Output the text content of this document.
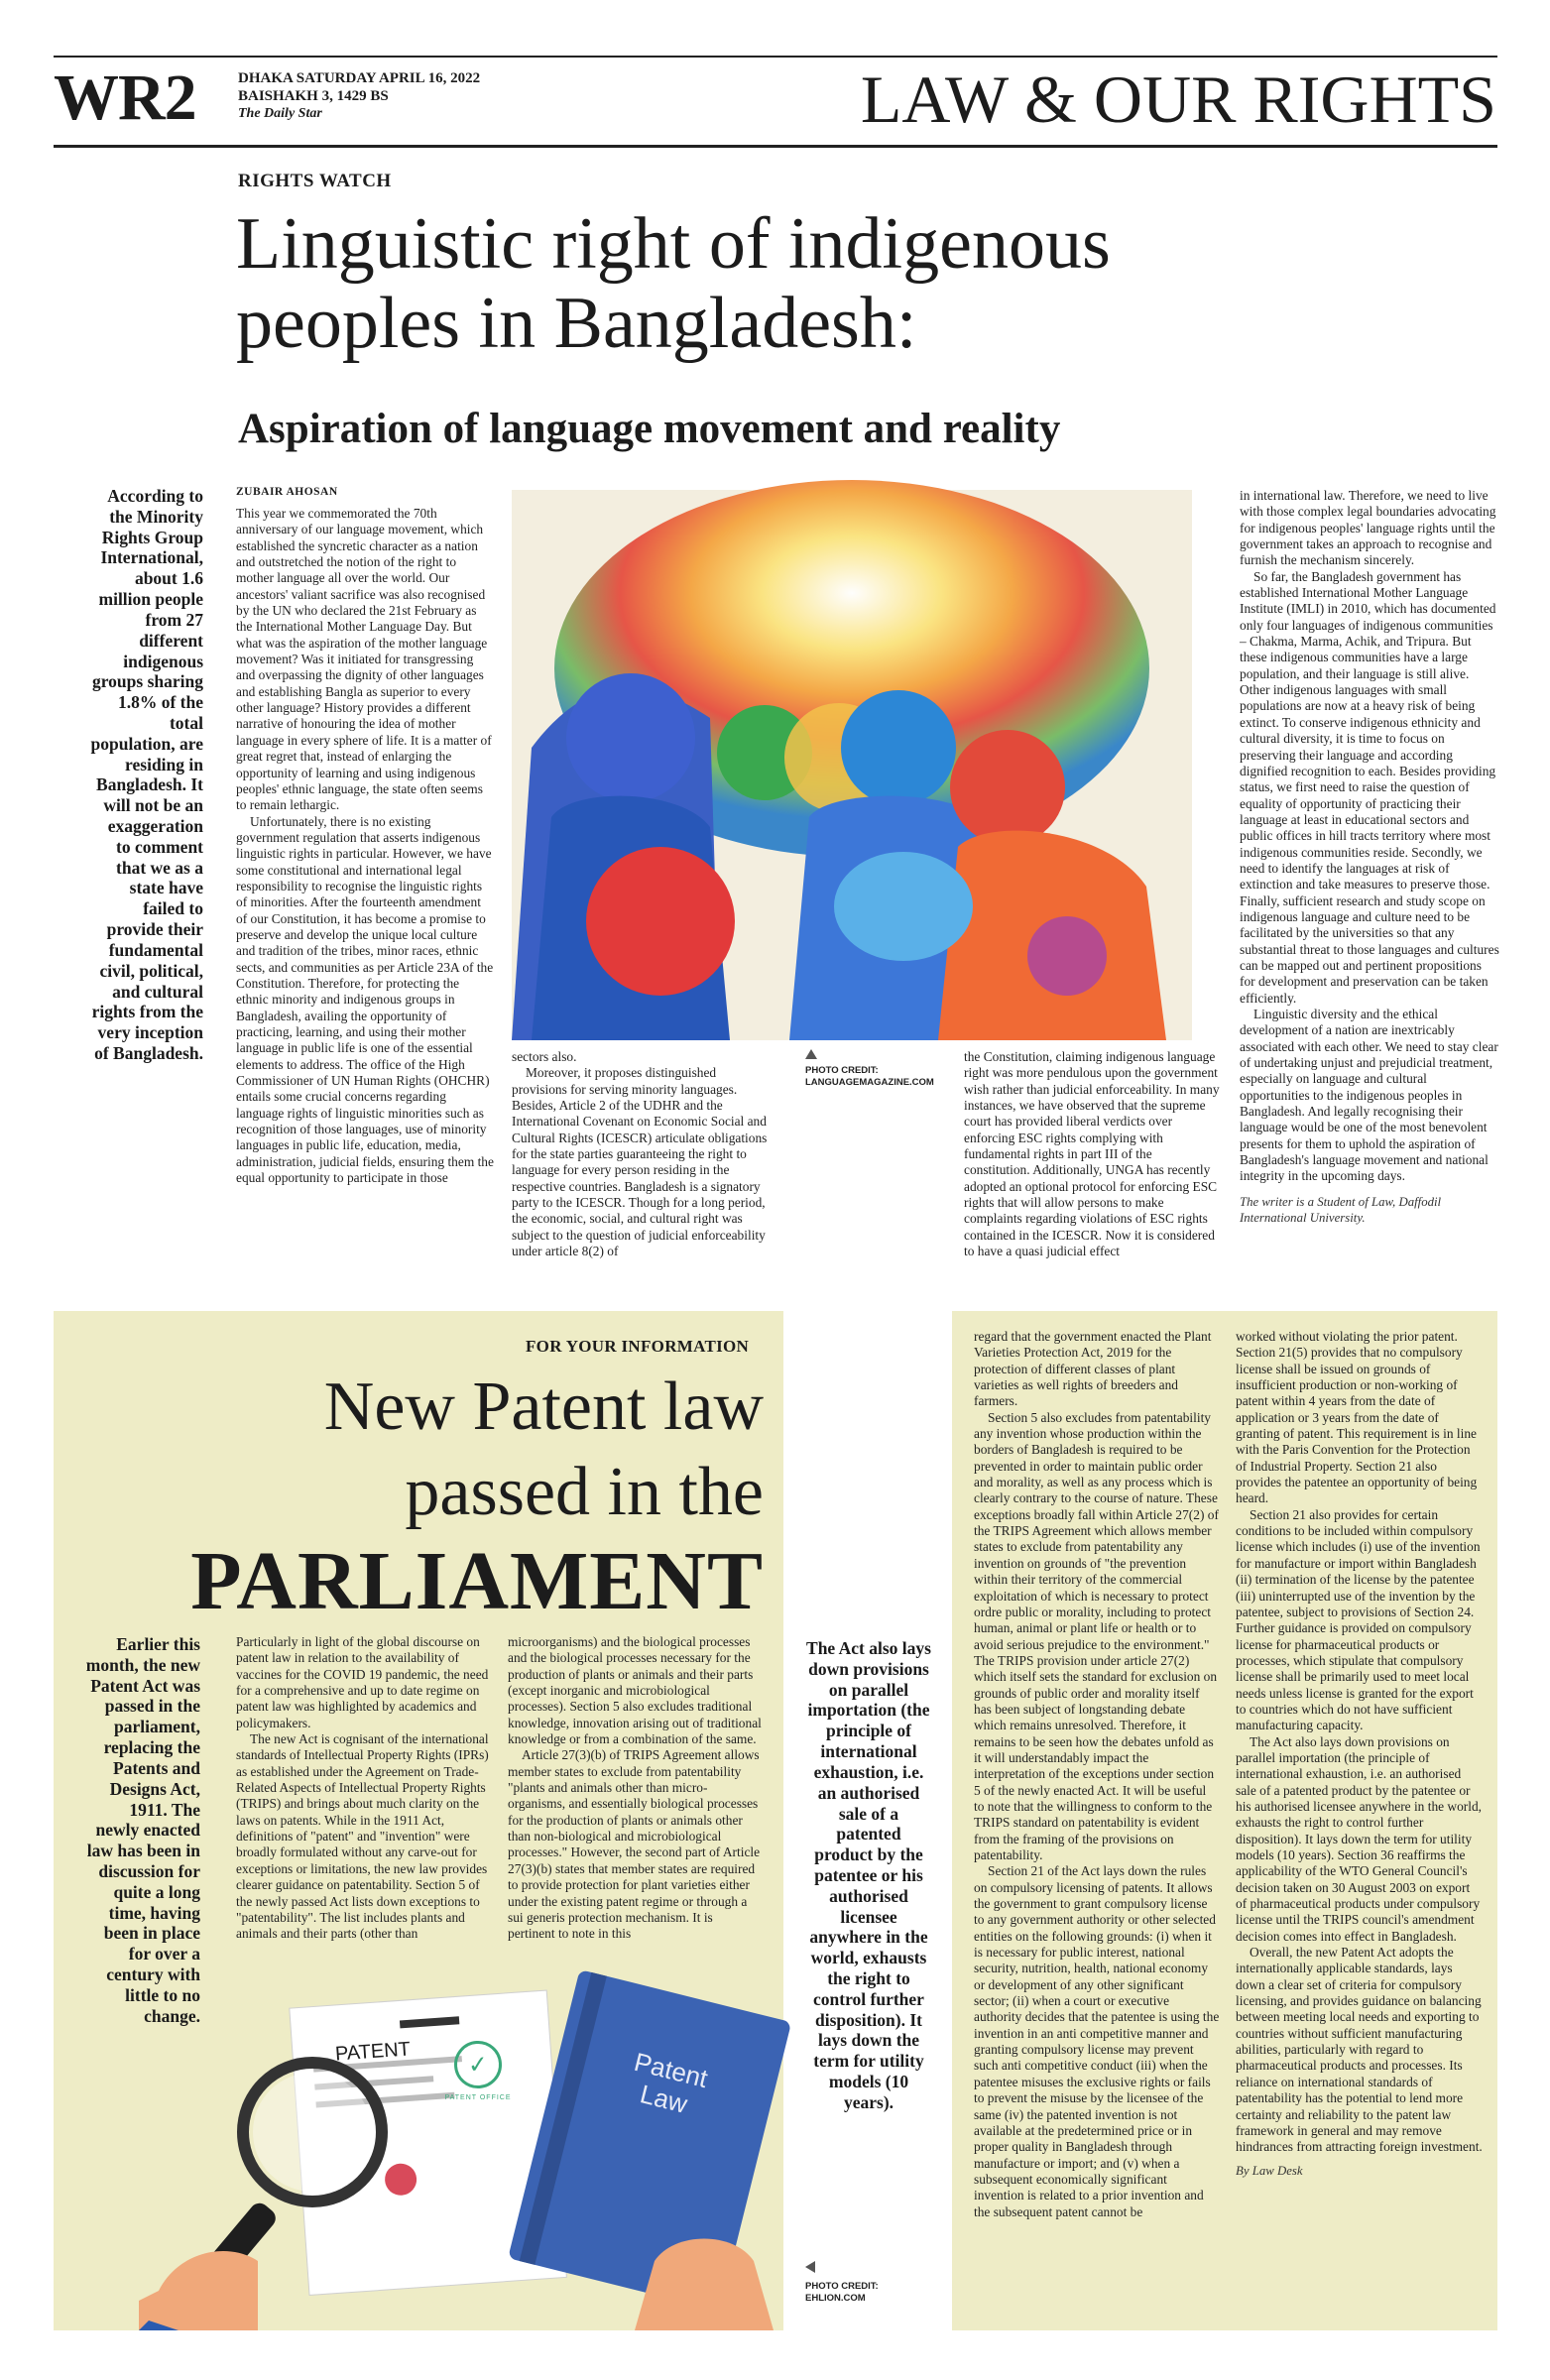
WR2	DHAKA SATURDAY APRIL 16, 2022
BAISHAKH 3, 1429 BS
The Daily Star	LAW & OUR RIGHTS
RIGHTS WATCH
Linguistic right of indigenous
peoples in Bangladesh:
Aspiration of language movement and reality
According to the Minority Rights Group International, about 1.6 million people from 27 different indigenous groups sharing 1.8% of the total population, are residing in Bangladesh. It will not be an exaggeration to comment that we as a state have failed to provide their fundamental civil, political, and cultural rights from the very inception of Bangladesh.
ZUBAIR AHOSAN

This year we commemorated the 70th anniversary of our language movement, which established the syncretic character as a nation and outstretched the notion of the right to mother language all over the world. Our ancestors' valiant sacrifice was also recognised by the UN who declared the 21st February as the International Mother Language Day. But what was the aspiration of the mother language movement? Was it initiated for transgressing and overpassing the dignity of other languages and establishing Bangla as superior to every other language? History provides a different narrative of honouring the idea of mother language in every sphere of life. It is a matter of great regret that, instead of enlarging the opportunity of learning and using indigenous peoples' ethnic language, the state often seems to remain lethargic.

Unfortunately, there is no existing government regulation that asserts indigenous linguistic rights in particular. However, we have some constitutional and international legal responsibility to recognise the linguistic rights of minorities. After the fourteenth amendment of our Constitution, it has become a promise to preserve and develop the unique local culture and tradition of the tribes, minor races, ethnic sects, and communities as per Article 23A of the Constitution. Therefore, for protecting the ethnic minority and indigenous groups in Bangladesh, availing the opportunity of practicing, learning, and using their mother language in public life is one of the essential elements to address. The office of the High Commissioner of UN Human Rights (OHCHR) entails some crucial concerns regarding language rights of linguistic minorities such as recognition of those languages, use of minority languages in public life, education, media, administration, judicial fields, ensuring them the equal opportunity to participate in those

sectors also.

Moreover, it proposes distinguished provisions for serving minority languages. Besides, Article 2 of the UDHR and the International Covenant on Economic Social and Cultural Rights (ICESCR) articulate obligations for the state parties guaranteeing the right to language for every person residing in the respective countries. Bangladesh is a signatory party to the ICESCR. Though for a long period, the economic, social, and cultural right was subject to the question of judicial enforceability under article 8(2) of

PHOTO CREDIT:
LANGUAGEMAGAZINE.COM

the Constitution, claiming indigenous language right was more pendulous upon the government wish rather than judicial enforceability. In many instances, we have observed that the supreme court has provided liberal verdicts over enforcing ESC rights complying with fundamental rights in part III of the constitution. Additionally, UNGA has recently adopted an optional protocol for enforcing ESC rights that will allow persons to make complaints regarding violations of ESC rights contained in the ICESCR. Now it is considered to have a quasi judicial effect

in international law. Therefore, we need to live with those complex legal boundaries advocating for indigenous peoples' language rights until the government takes an approach to recognise and furnish the mechanism sincerely.

So far, the Bangladesh government has established International Mother Language Institute (IMLI) in 2010, which has documented only four languages of indigenous communities – Chakma, Marma, Achik, and Tripura. But these indigenous communities have a large population, and their language is still alive. Other indigenous languages with small populations are now at a heavy risk of being extinct. To conserve indigenous ethnicity and cultural diversity, it is time to focus on preserving their language and according dignified recognition to each. Besides providing status, we first need to raise the question of equality of opportunity of practicing their language at least in educational sectors and public offices in hill tracts territory where most indigenous communities reside. Secondly, we need to identify the languages at risk of extinction and take measures to preserve those. Finally, sufficient research and study scope on indigenous language and culture need to be facilitated by the universities so that any substantial threat to those languages and cultures can be mapped out and pertinent propositions for development and preservation can be taken efficiently.

Linguistic diversity and the ethical development of a nation are inextricably associated with each other. We need to stay clear of undertaking unjust and prejudicial treatment, especially on language and cultural opportunities to the indigenous peoples in Bangladesh. And legally recognising their language would be one of the most benevolent presents for them to uphold the aspiration of Bangladesh's language movement and national integrity in the upcoming days.

The writer is a Student of Law, Daffodil International University.

FOR YOUR INFORMATION
New Patent law
passed in the
PARLIAMENT
Earlier this month, the new Patent Act was passed in the parliament, replacing the Patents and Designs Act, 1911. The newly enacted law has been in discussion for quite a long time, having been in place for over a century with little to no change.

Particularly in light of the global discourse on patent law in relation to the availability of vaccines for the COVID 19 pandemic, the need for a comprehensive and up to date regime on patent law was highlighted by academics and policymakers.

The new Act is cognisant of the international standards of Intellectual Property Rights (IPRs) as established under the Agreement on Trade-Related Aspects of Intellectual Property Rights (TRIPS) and brings about much clarity on the laws on patents. While in the 1911 Act, definitions of "patent" and "invention" were broadly formulated without any carve-out for exceptions or limitations, the new law provides clearer guidance on patentability. Section 5 of the newly passed Act lists down exceptions to "patentability". The list includes plants and animals and their parts (other than

microorganisms) and the biological processes and the biological processes necessary for the production of plants or animals and their parts (except inorganic and microbiological processes). Section 5 also excludes traditional knowledge, innovation arising out of traditional knowledge or from a combination of the same.

Article 27(3)(b) of TRIPS Agreement allows member states to exclude from patentability "plants and animals other than micro-organisms, and essentially biological processes for the production of plants or animals other than non-biological and microbiological processes." However, the second part of Article 27(3)(b) states that member states are required to provide protection for plant varieties either under the existing patent regime or through a sui generis protection mechanism. It is pertinent to note in this

PATENT	✓
PATENT OFFICE
Patent Law
The Act also lays down provisions on parallel importation (the principle of international exhaustion, i.e. an authorised sale of a patented product by the patentee or his authorised licensee anywhere in the world, exhausts the right to control further disposition). It lays down the term for utility models (10 years).
PHOTO CREDIT:
EHLION.COM

regard that the government enacted the Plant Varieties Protection Act, 2019 for the protection of different classes of plant varieties as well rights of breeders and farmers.

Section 5 also excludes from patentability any invention whose production within the borders of Bangladesh is required to be prevented in order to maintain public order and morality, as well as any process which is clearly contrary to the course of nature. These exceptions broadly fall within Article 27(2) of the TRIPS Agreement which allows member states to exclude from patentability any invention on grounds of "the prevention within their territory of the commercial exploitation of which is necessary to protect ordre public or morality, including to protect human, animal or plant life or health or to avoid serious prejudice to the environment." The TRIPS provision under article 27(2) which itself sets the standard for exclusion on grounds of public order and morality itself has been subject of longstanding debate which remains unresolved. Therefore, it remains to be seen how the debates unfold as it will understandably impact the interpretation of the exceptions under section 5 of the newly enacted Act. It will be useful to note that the willingness to conform to the TRIPS standard on patentability is evident from the framing of the provisions on patentability.

Section 21 of the Act lays down the rules on compulsory licensing of patents. It allows the government to grant compulsory license to any government authority or other selected entities on the following grounds: (i) when it is necessary for public interest, national security, nutrition, health, national economy or development of any other significant sector; (ii) when a court or executive authority decides that the patentee is using the invention in an anti competitive manner and granting compulsory license may prevent such anti competitive conduct (iii) when the patentee misuses the exclusive rights or fails to prevent the misuse by the licensee of the same (iv) the patented invention is not available at the predetermined price or in proper quality in Bangladesh through manufacture or import; and (v) when a subsequent economically significant invention is related to a prior invention and the subsequent patent cannot be

worked without violating the prior patent. Section 21(5) provides that no compulsory license shall be issued on grounds of insufficient production or non-working of patent within 4 years from the date of application or 3 years from the date of granting of patent. This requirement is in line with the Paris Convention for the Protection of Industrial Property. Section 21 also provides the patentee an opportunity of being heard.

Section 21 also provides for certain conditions to be included within compulsory license which includes (i) use of the invention for manufacture or import within Bangladesh (ii) termination of the license by the patentee (iii) uninterrupted use of the invention by the patentee, subject to provisions of Section 24. Further guidance is provided on compulsory license for pharmaceutical products or processes, which stipulate that compulsory license shall be primarily used to meet local needs unless license is granted for the export to countries which do not have sufficient manufacturing capacity.

The Act also lays down provisions on parallel importation (the principle of international exhaustion, i.e. an authorised sale of a patented product by the patentee or his authorised licensee anywhere in the world, exhausts the right to control further disposition). It lays down the term for utility models (10 years). Section 36 reaffirms the applicability of the WTO General Council's decision taken on 30 August 2003 on export of pharmaceutical products under compulsory license until the TRIPS council's amendment decision comes into effect in Bangladesh.

Overall, the new Patent Act adopts the internationally applicable standards, lays down a clear set of criteria for compulsory licensing, and provides guidance on balancing between meeting local needs and exporting to countries without sufficient manufacturing abilities, particularly with regard to pharmaceutical products and processes. Its reliance on international standards of patentability has the potential to lend more certainty and reliability to the patent law framework in general and may remove hindrances from attracting foreign investment.

By Law Desk
